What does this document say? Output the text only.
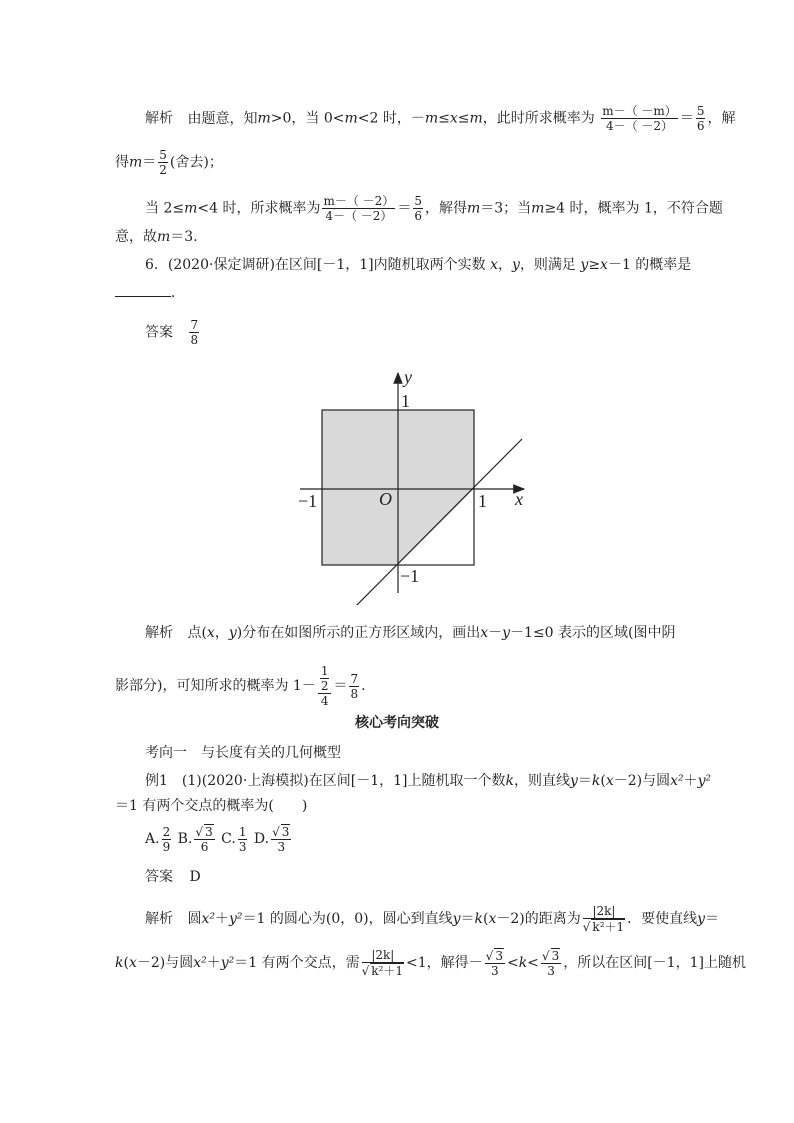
解析 由题意，知m>0，当 0<m<2 时，－m≤x≤m，此时所求概率为 $\frac{m-( -m)}{4-( -2)} = \frac{5}{6}$ ，解
得$m= \frac{5}{2}$ (舍去)；
当 2≤m<4 时，所求概率为 $\frac{m-( -2)}{4-( -2)} = \frac{5}{6}$ ，解得m＝3；当m≥4 时，概率为 1，不符合题
意，故m＝3.
6．(2020·保定调研)在区间[－1，1]内随机取两个实数 x，y，则满足 y≥x－1 的概率是
．
答案 $\frac{7}{8}$
y
x
O
1
−1	1
−1
解析 点(x，y)分布在如图所示的正方形区域内，画出x－y－1≤0 表示的区域(图中阴
影部分)，可知所求的概率为 $1- \frac{\frac{1}{2}}{4} = \frac{7}{8}$ .
核心考向突破
考向一　与长度有关的几何概型
例1　(1)(2020·上海模拟)在区间[－1，1]上随机取一个数k，则直线y＝k(x－2)与圆x²＋y²
＝1 有两个交点的概率为(　　)
A. $\frac{2}{9} B$. $\frac{√ 3}{6} C$. $\frac{1}{3} D$. $\frac{√ 3}{3}$
答案 D
解析 圆x²＋y²＝1 的圆心为(0，0)，圆心到直线y＝k(x－2)的距离为 $\frac{|2k|}{\text{√ k²＋1}}$ ．要使直线y＝
k(x－2)与圆x²＋y²＝1 有两个交点，需 $\frac{|2k|}{\text{√ k²＋1}} <1$，解得－ $\frac{√ 3}{3} <k< \frac{√ 3}{3}$ ，所以在区间[－1，1]上随机
